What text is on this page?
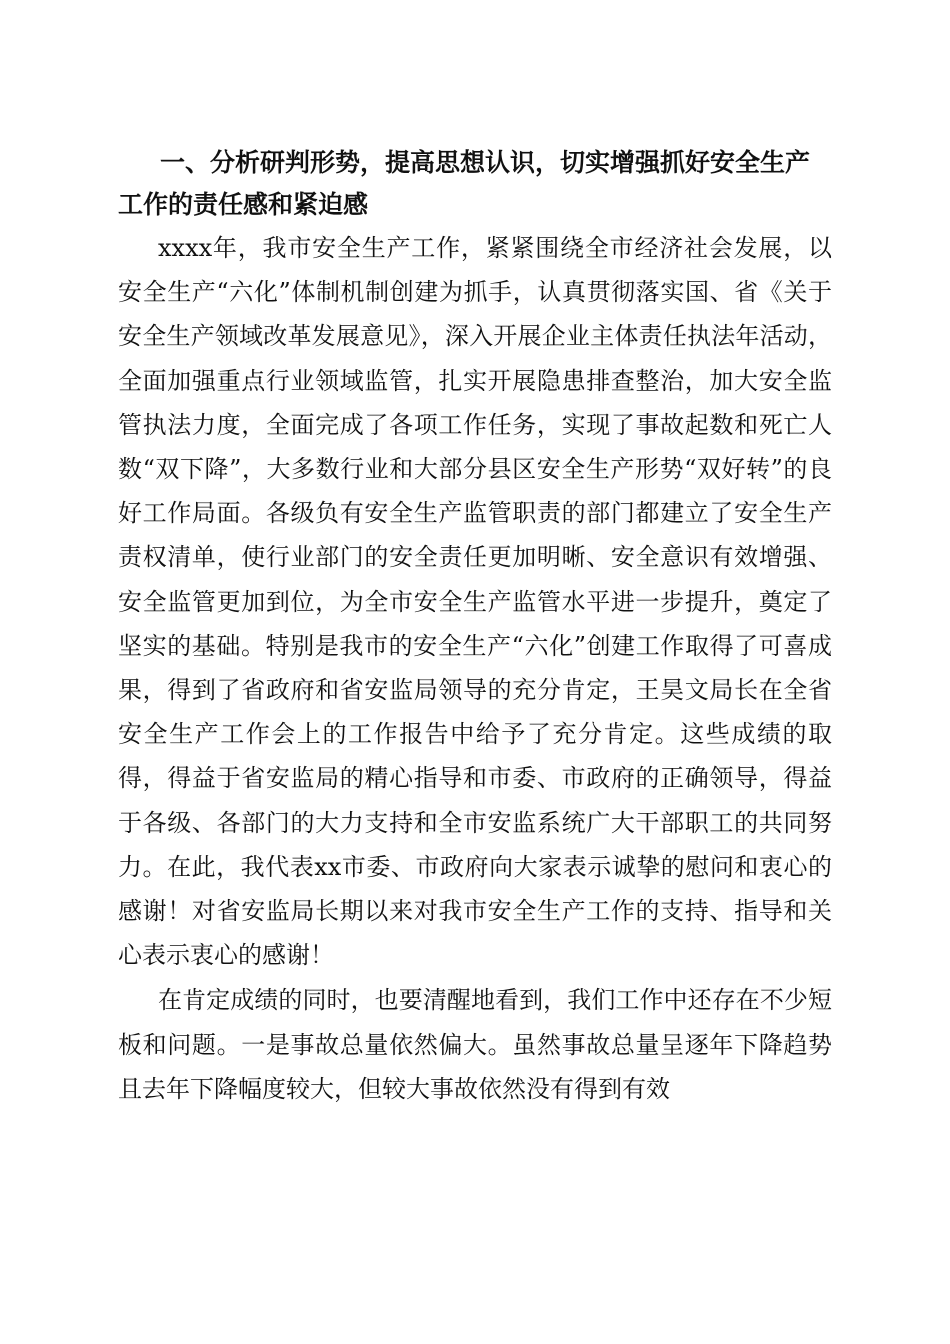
一、分析研判形势，提高思想认识，切实增强抓好安全生产
工作的责任感和紧迫感

xxxx年，我市安全生产工作，紧紧围绕全市经济社会发展，以安全生产“六化”体制机制创建为抓手，认真贯彻落实国、省《关于安全生产领域改革发展意见》，深入开展企业主体责任执法年活动，全面加强重点行业领域监管，扎实开展隐患排查整治，加大安全监管执法力度，全面完成了各项工作任务，实现了事故起数和死亡人数“双下降”，大多数行业和大部分县区安全生产形势“双好转”的良好工作局面。各级负有安全生产监管职责的部门都建立了安全生产责权清单，使行业部门的安全责任更加明晰、安全意识有效增强、安全监管更加到位，为全市安全生产监管水平进一步提升，奠定了坚实的基础。特别是我市的安全生产“六化”创建工作取得了可喜成果，得到了省政府和省安监局领导的充分肯定，王昊文局长在全省安全生产工作会上的工作报告中给予了充分肯定。这些成绩的取得，得益于省安监局的精心指导和市委、市政府的正确领导，得益于各级、各部门的大力支持和全市安监系统广大干部职工的共同努力。在此，我代表xx市委、市政府向大家表示诚挚的慰问和衷心的感谢！对省安监局长期以来对我市安全生产工作的支持、指导和关心表示衷心的感谢！

在肯定成绩的同时，也要清醒地看到，我们工作中还存在不少短板和问题。一是事故总量依然偏大。虽然事故总量呈逐年下降趋势且去年下降幅度较大，但较大事故依然没有得到有效
